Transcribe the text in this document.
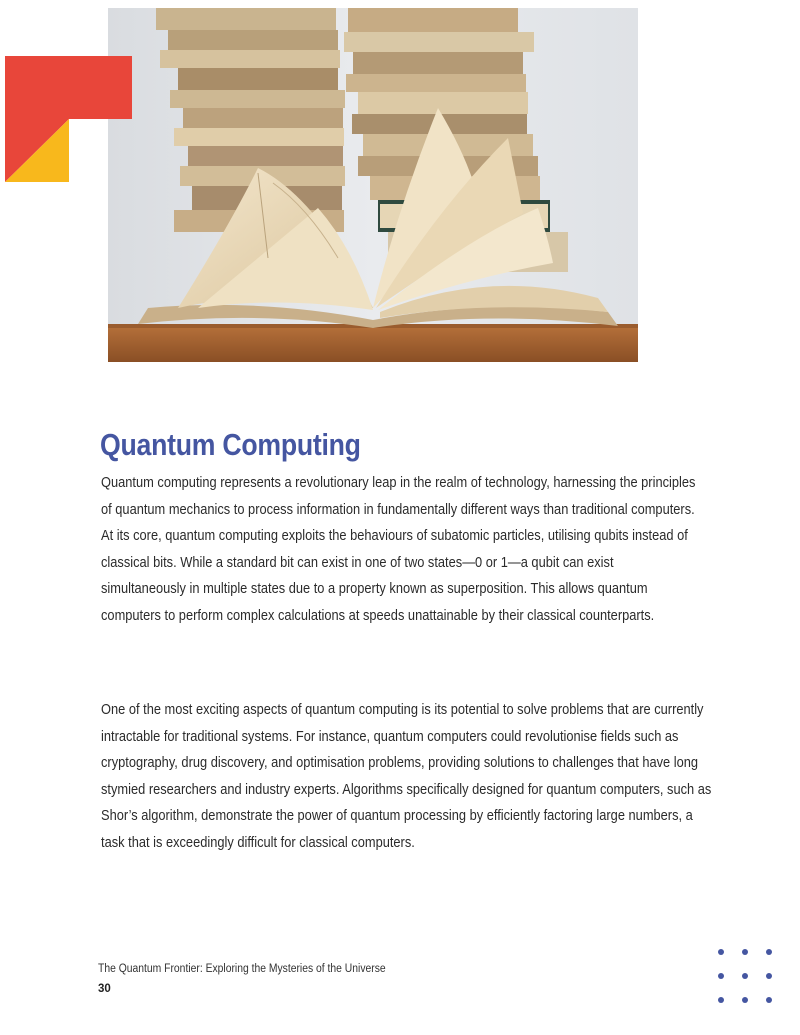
Quantum Computing

Quantum computing represents a revolutionary leap in the realm of technology, harnessing the principles of quantum mechanics to process information in fundamentally different ways than traditional computers. At its core, quantum computing exploits the behaviours of subatomic particles, utilising qubits instead of classical bits. While a standard bit can exist in one of two states—0 or 1—a qubit can exist simultaneously in multiple states due to a property known as superposition. This allows quantum computers to perform complex calculations at speeds unattainable by their classical counterparts.

One of the most exciting aspects of quantum computing is its potential to solve problems that are currently intractable for traditional systems. For instance, quantum computers could revolutionise fields such as cryptography, drug discovery, and optimisation problems, providing solutions to challenges that have long stymied researchers and industry experts. Algorithms specifically designed for quantum computers, such as Shor’s algorithm, demonstrate the power of quantum processing by efficiently factoring large numbers, a task that is exceedingly difficult for classical computers.

The Quantum Frontier: Exploring the Mysteries of the Universe

30
